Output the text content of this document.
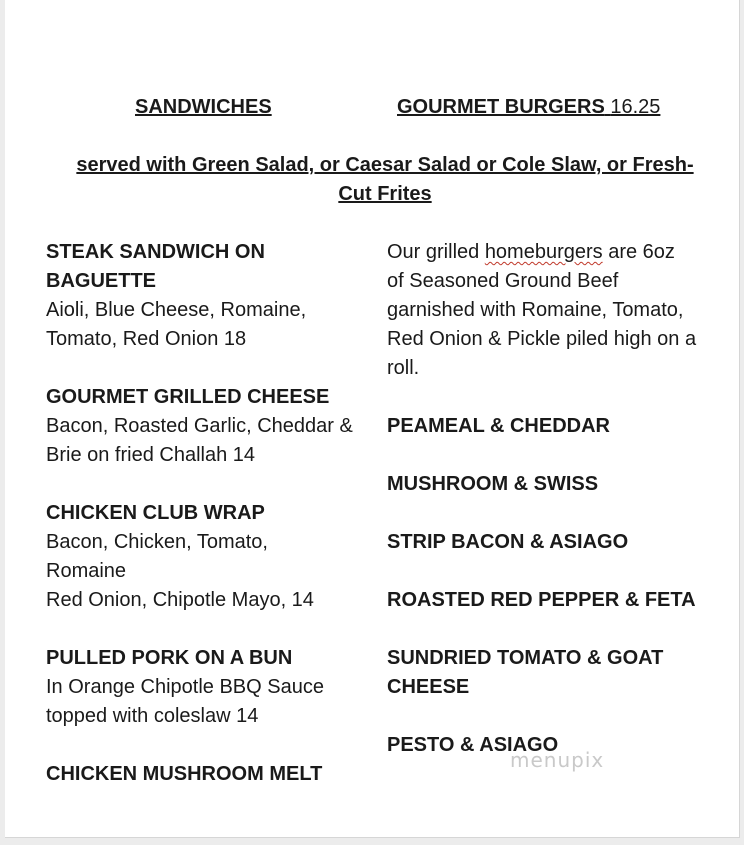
SANDWICHES	GOURMET BURGERS 16.25
served with Green Salad, or Caesar Salad or Cole Slaw, or Fresh-
Cut Frites
STEAK SANDWICH ON
BAGUETTE
Aioli, Blue Cheese, Romaine,
Tomato, Red Onion 18
GOURMET GRILLED CHEESE
Bacon, Roasted Garlic, Cheddar &
Brie on fried Challah 14
CHICKEN CLUB WRAP
Bacon, Chicken, Tomato,
Romaine
Red Onion, Chipotle Mayo, 14
PULLED PORK ON A BUN
In Orange Chipotle BBQ Sauce
topped with coleslaw 14
CHICKEN MUSHROOM MELT
Our grilled homeburgers are 6oz
of Seasoned Ground Beef
garnished with Romaine, Tomato,
Red Onion & Pickle piled high on a
roll.
PEAMEAL & CHEDDAR
MUSHROOM & SWISS
STRIP BACON & ASIAGO
ROASTED RED PEPPER & FETA
SUNDRIED TOMATO & GOAT
CHEESE
PESTO & ASIAGO
menupix
